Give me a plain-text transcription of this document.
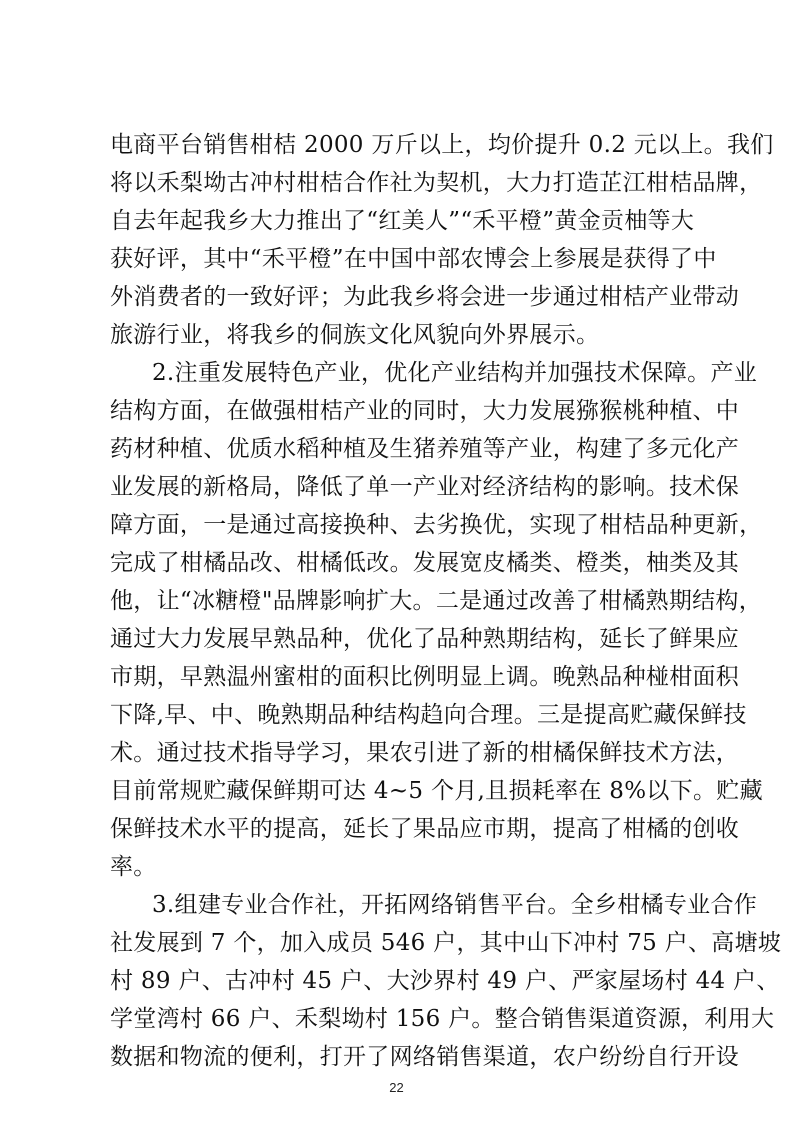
电商平台销售柑桔 2000 万斤以上，均价提升 0.2 元以上。我们
将以禾梨坳古冲村柑桔合作社为契机，大力打造芷江柑桔品牌，
自去年起我乡大力推出了“红美人”“禾平橙”黄金贡柚等大
获好评，其中“禾平橙”在中国中部农博会上参展是获得了中
外消费者的一致好评；为此我乡将会进一步通过柑桔产业带动
旅游行业，将我乡的侗族文化风貌向外界展示。
2.注重发展特色产业，优化产业结构并加强技术保障。产业
结构方面，在做强柑桔产业的同时，大力发展猕猴桃种植、中
药材种植、优质水稻种植及生猪养殖等产业，构建了多元化产
业发展的新格局，降低了单一产业对经济结构的影响。技术保
障方面，一是通过高接换种、去劣换优，实现了柑桔品种更新，
完成了柑橘品改、柑橘低改。发展宽皮橘类、橙类，柚类及其
他，让“冰糖橙"品牌影响扩大。二是通过改善了柑橘熟期结构，
通过大力发展早熟品种，优化了品种熟期结构，延长了鲜果应
市期，早熟温州蜜柑的面积比例明显上调。晚熟品种椪柑面积
下降,早、中、晚熟期品种结构趋向合理。三是提高贮藏保鲜技
术。通过技术指导学习，果农引进了新的柑橘保鲜技术方法，
目前常规贮藏保鲜期可达 4~5 个月,且损耗率在 8%以下。贮藏
保鲜技术水平的提高，延长了果品应市期，提高了柑橘的创收
率。
3.组建专业合作社，开拓网络销售平台。全乡柑橘专业合作
社发展到 7 个，加入成员 546 户，其中山下冲村 75 户、高塘坡
村 89 户、古冲村 45 户、大沙界村 49 户、严家屋场村 44 户、
学堂湾村 66 户、禾梨坳村 156 户。整合销售渠道资源，利用大
数据和物流的便利，打开了网络销售渠道，农户纷纷自行开设
22
